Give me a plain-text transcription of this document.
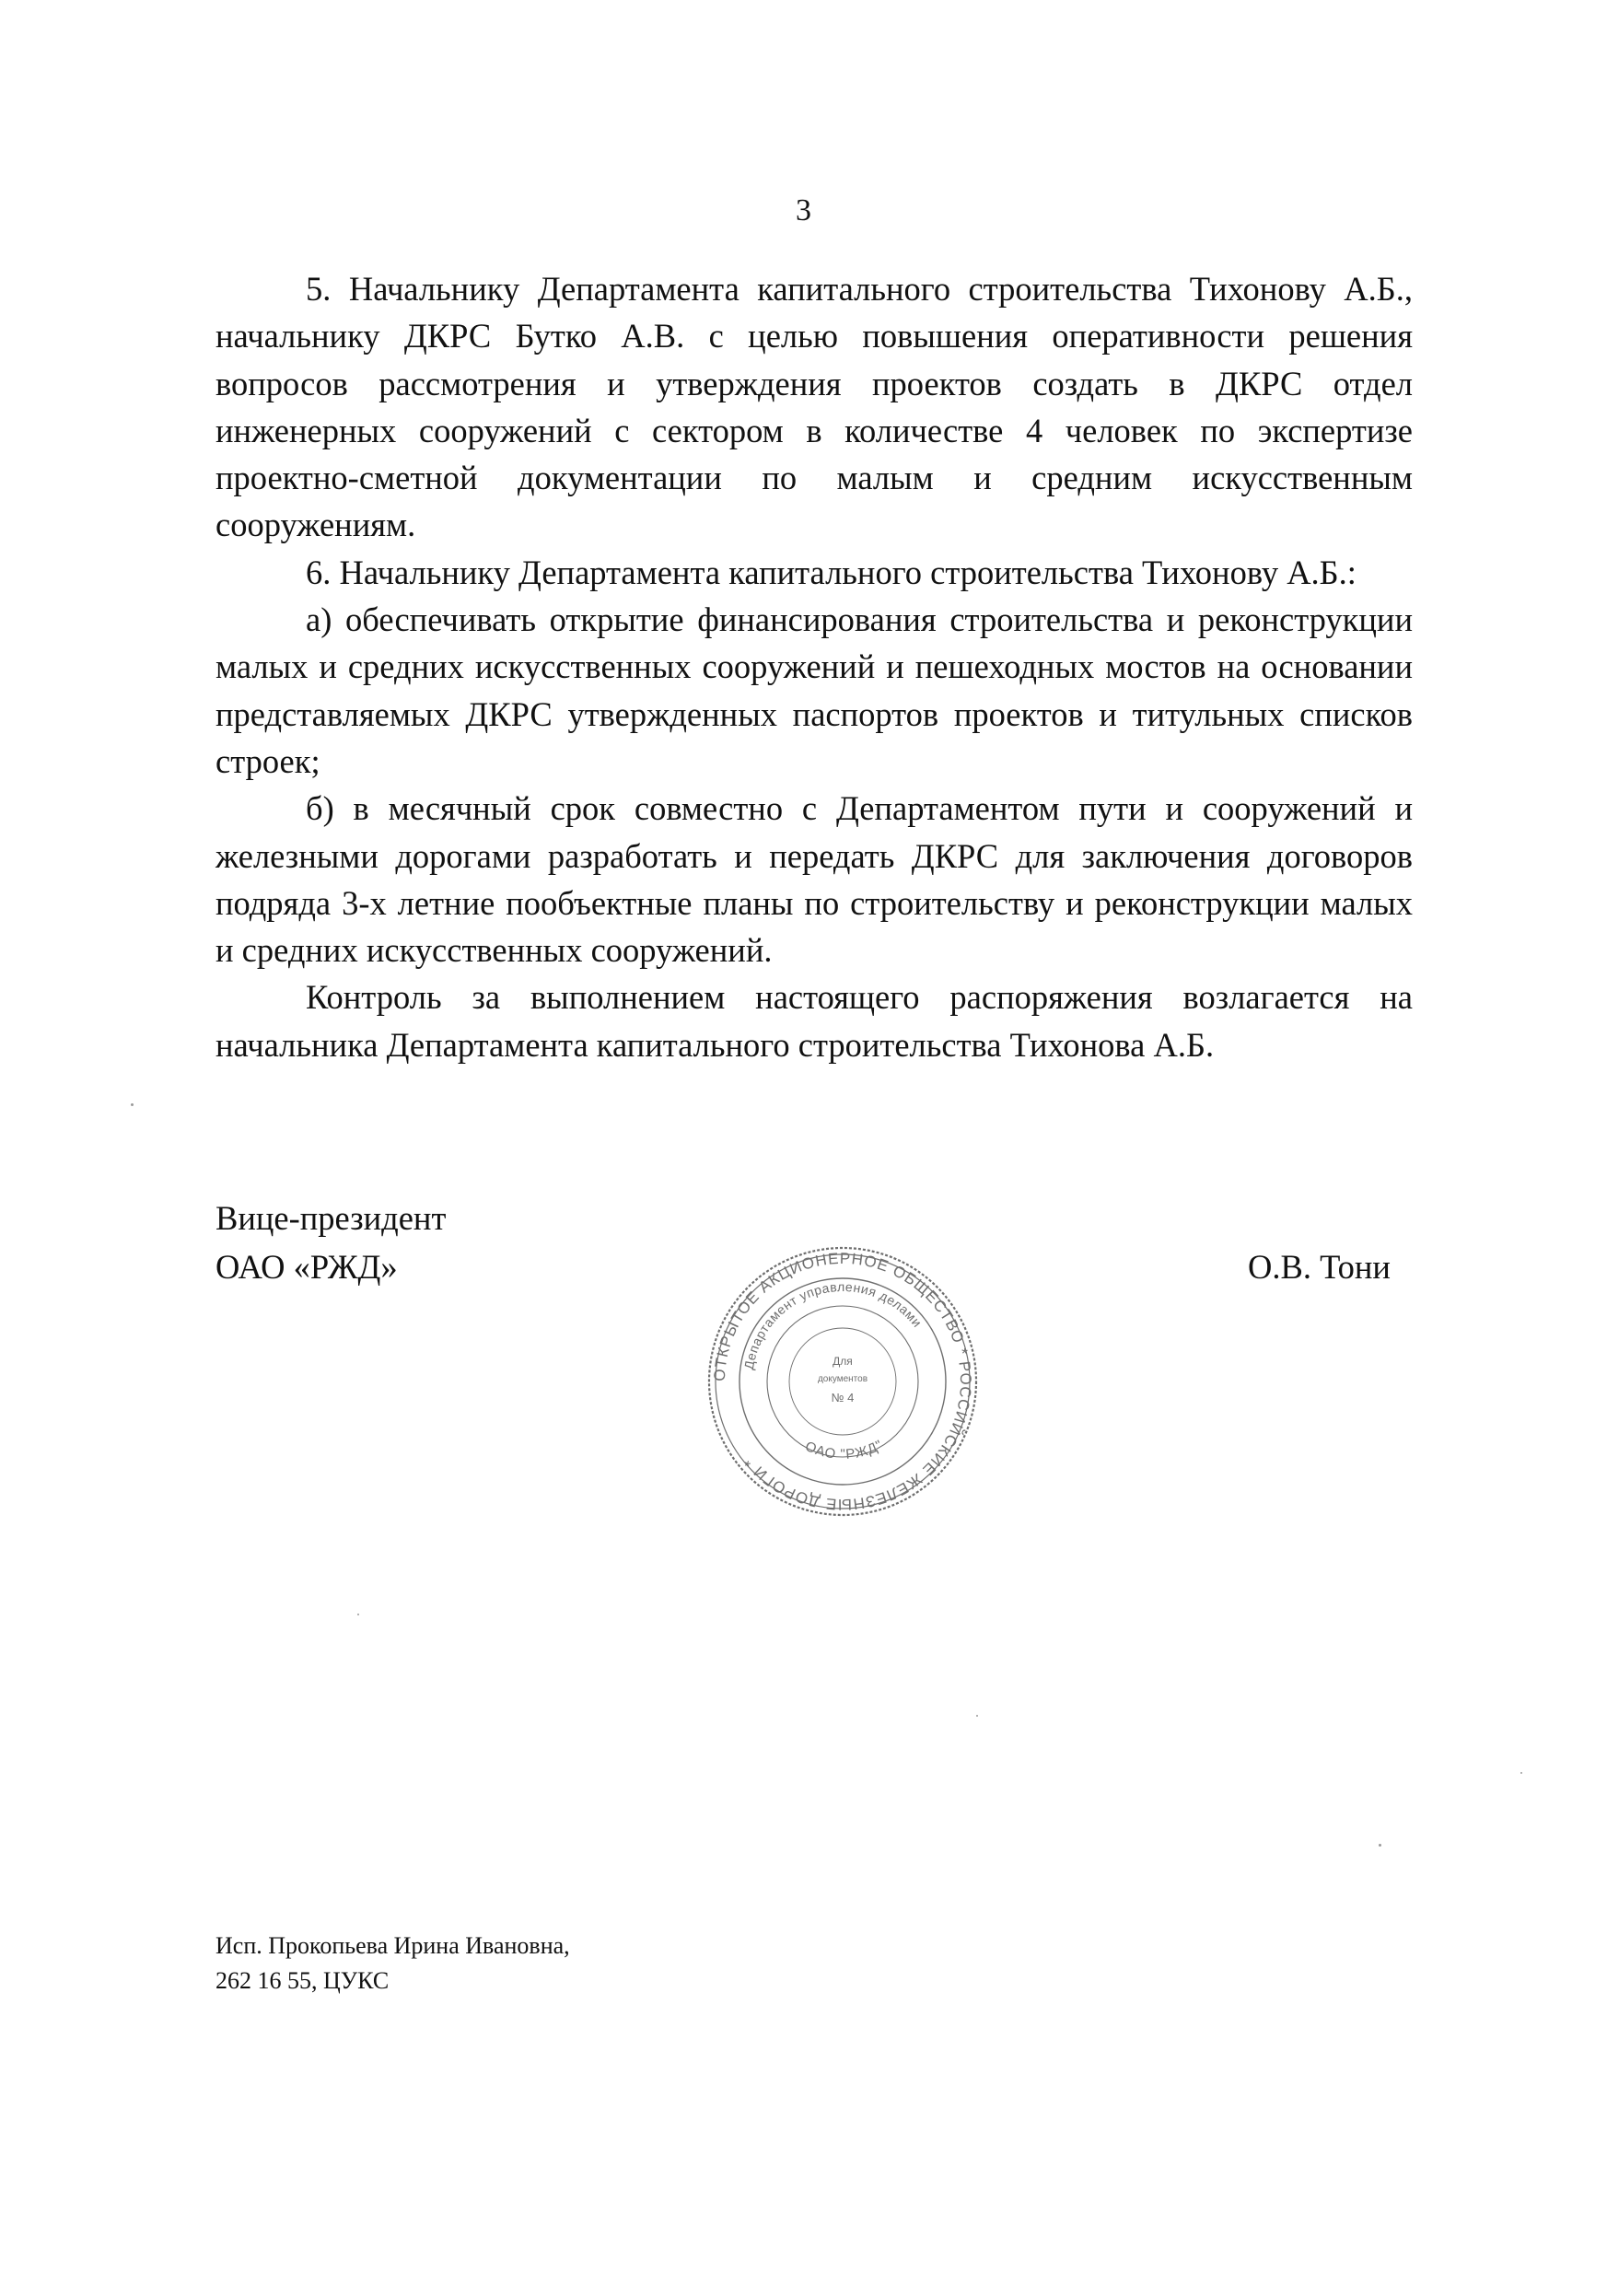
3

5. Начальнику Департамента капитального строительства Тихонову А.Б., начальнику ДКРС Бутко А.В. с целью повышения оперативности решения вопросов рассмотрения и утверждения проектов создать в ДКРС отдел инженерных сооружений с сектором в количестве 4 человек по экспертизе проектно-сметной документации по малым и средним искусственным сооружениям.

6. Начальнику Департамента капитального строительства Тихонову А.Б.:

а) обеспечивать открытие финансирования строительства и реконструкции малых и средних искусственных сооружений и пешеходных мостов на основании представляемых ДКРС утвержденных паспортов проектов и титульных списков строек;

б) в месячный срок совместно с Департаментом пути и сооружений и железными дорогами разработать и передать ДКРС для заключения договоров подряда 3-х летние пообъектные планы по строительству и реконструкции малых и средних искусственных сооружений.

Контроль за выполнением настоящего распоряжения возлагается на начальника Департамента капитального строительства Тихонова А.Б.

Вице-президент
ОАО «РЖД»	О.В. Тони
ОТКРЫТОЕ АКЦИОНЕРНОЕ ОБЩЕСТВО * РОССИЙСКИЕ ЖЕЛЕЗНЫЕ ДОРОГИ *
Департамент управления делами
ОАО "РЖД"
Для
документов
№ 4
Исп. Прокопьева Ирина Ивановна,
262 16 55, ЦУКС
